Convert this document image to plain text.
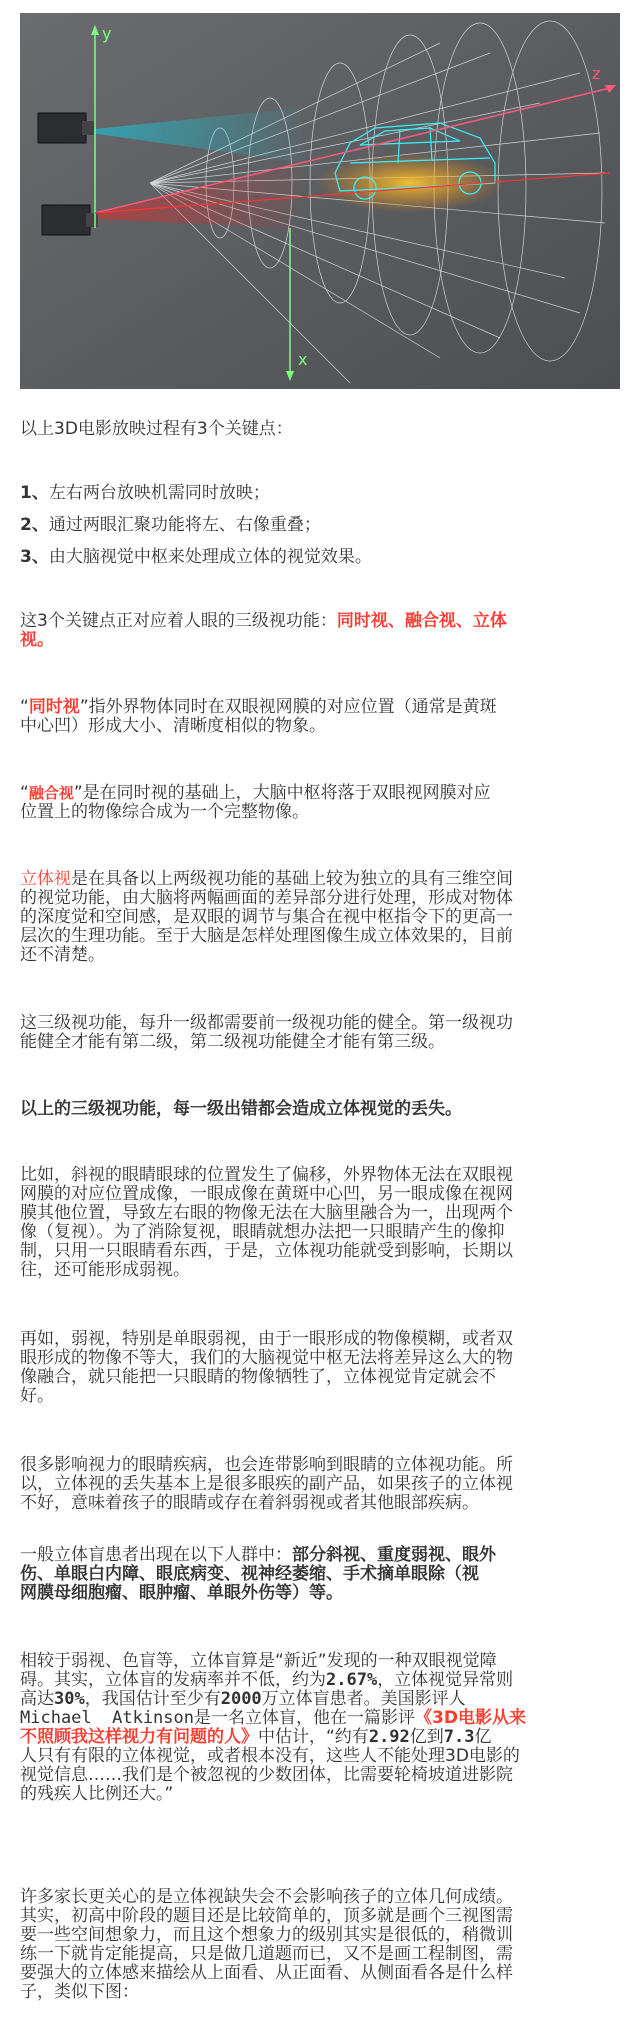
y
z
x

以上3D电影放映过程有3个关键点：

1、左右两台放映机需同时放映；

2、通过两眼汇聚功能将左、右像重叠；

3、由大脑视觉中枢来处理成立体的视觉效果。

这3个关键点正对应着人眼的三级视功能：同时视、融合视、立体
视。

“同时视”指外界物体同时在双眼视网膜的对应位置（通常是黄斑
中心凹）形成大小、清晰度相似的物象。

“融合视”是在同时视的基础上，大脑中枢将落于双眼视网膜对应
位置上的物像综合成为一个完整物像。

立体视是在具备以上两级视功能的基础上较为独立的具有三维空间
的视觉功能，由大脑将两幅画面的差异部分进行处理，形成对物体
的深度觉和空间感，是双眼的调节与集合在视中枢指令下的更高一
层次的生理功能。至于大脑是怎样处理图像生成立体效果的，目前
还不清楚。

这三级视功能，每升一级都需要前一级视功能的健全。第一级视功
能健全才能有第二级，第二级视功能健全才能有第三级。

以上的三级视功能，每一级出错都会造成立体视觉的丢失。

比如，斜视的眼睛眼球的位置发生了偏移，外界物体无法在双眼视
网膜的对应位置成像，一眼成像在黄斑中心凹，另一眼成像在视网
膜其他位置，导致左右眼的物像无法在大脑里融合为一，出现两个
像（复视）。为了消除复视，眼睛就想办法把一只眼睛产生的像抑
制，只用一只眼睛看东西，于是，立体视功能就受到影响，长期以
往，还可能形成弱视。

再如，弱视，特别是单眼弱视，由于一眼形成的物像模糊，或者双
眼形成的物像不等大，我们的大脑视觉中枢无法将差异这么大的物
像融合，就只能把一只眼睛的物像牺牲了，立体视觉肯定就会不
好。

很多影响视力的眼睛疾病，也会连带影响到眼睛的立体视功能。所
以，立体视的丢失基本上是很多眼疾的副产品，如果孩子的立体视
不好，意味着孩子的眼睛或存在着斜弱视或者其他眼部疾病。

一般立体盲患者出现在以下人群中：部分斜视、重度弱视、眼外
伤、单眼白内障、眼底病变、视神经萎缩、手术摘单眼除（视
网膜母细胞瘤、眼肿瘤、单眼外伤等）等。

相较于弱视、色盲等，立体盲算是“新近”发现的一种双眼视觉障
碍。其实，立体盲的发病率并不低，约为2.67%，立体视觉异常则
高达30%，我国估计至少有2000万立体盲患者。美国影评人
Michael  Atkinson是一名立体盲，他在一篇影评《3D电影从来
不照顾我这样视力有问题的人》中估计，“约有2.92亿到7.3亿
人只有有限的立体视觉，或者根本没有，这些人不能处理3D电影的
视觉信息……我们是个被忽视的少数团体，比需要轮椅坡道进影院
的残疾人比例还大。”

许多家长更关心的是立体视缺失会不会影响孩子的立体几何成绩。
其实，初高中阶段的题目还是比较简单的，顶多就是画个三视图需
要一些空间想象力，而且这个想象力的级别其实是很低的，稍微训
练一下就肯定能提高，只是做几道题而已，又不是画工程制图，需
要强大的立体感来描绘从上面看、从正面看、从侧面看各是什么样
子，类似下图：
